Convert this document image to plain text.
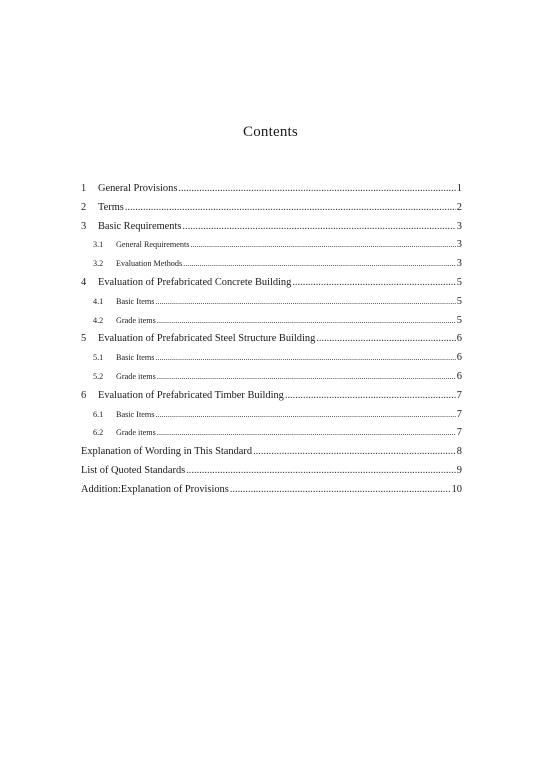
Contents
1	General Provisions .....	1
2	Terms .....	2
3	Basic Requirements .....	3
3.1	General Requirements .....	3
3.2	Evaluation Methods .....	3
4	Evaluation of Prefabricated Concrete Building .....	5
4.1	Basic Items .....	5
4.2	Grade items .....	5
5	Evaluation of Prefabricated Steel Structure Building .....	6
5.1	Basic Items .....	6
5.2	Grade items .....	6
6	Evaluation of Prefabricated Timber Building .....	7
6.1	Basic Items .....	7
6.2	Grade items .....	7
Explanation of Wording in This Standard .....	8
List of Quoted Standards .....	9
Addition:Explanation of Provisions .....	10
